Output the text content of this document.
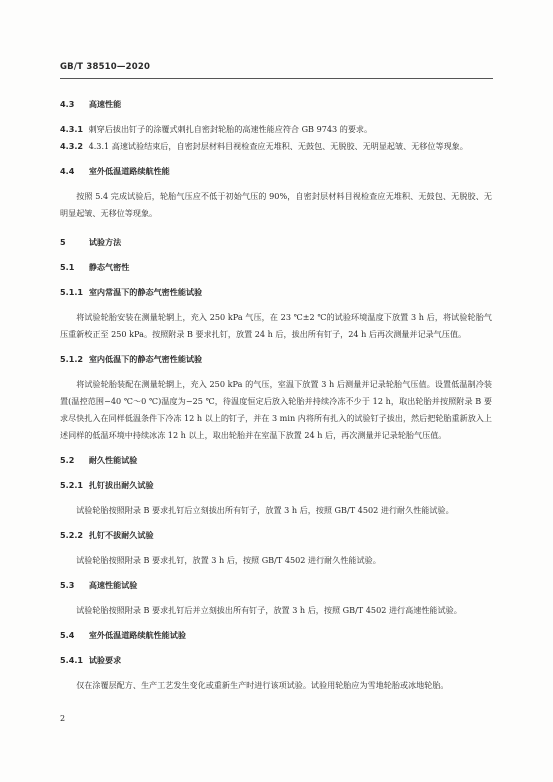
GB/T 38510—2020

4.3 高速性能

4.3.1 刺穿后拔出钉子的涂覆式刺扎自密封轮胎的高速性能应符合 GB 9743 的要求。

4.3.2 4.3.1 高速试验结束后，自密封层材料目视检查应无堆积、无鼓包、无脱胶、无明显起皱、无移位等现象。

4.4 室外低温道路续航性能

按照 5.4 完成试验后，轮胎气压应不低于初始气压的 90%，自密封层材料目视检查应无堆积、无鼓包、无脱胶、无明显起皱、无移位等现象。

5	试验方法

5.1 静态气密性

5.1.1 室内常温下的静态气密性能试验

将试验轮胎安装在测量轮辋上，充入 250 kPa 气压，在 23 ℃±2 ℃的试验环境温度下放置 3 h 后，将试验轮胎气压重新校正至 250 kPa。按照附录 B 要求扎钉，放置 24 h 后，拔出所有钉子，24 h 后再次测量并记录气压值。

5.1.2 室内低温下的静态气密性能试验

将试验轮胎装配在测量轮辋上，充入 250 kPa 的气压，室温下放置 3 h 后测量并记录轮胎气压值。设置低温制冷装置(温控范围−40 ℃～0 ℃)温度为−25 ℃，待温度恒定后放入轮胎并持续冷冻不少于 12 h，取出轮胎并按照附录 B 要求尽快扎入在同样低温条件下冷冻 12 h 以上的钉子，并在 3 min 内将所有扎入的试验钉子拔出，然后把轮胎重新放入上述同样的低温环境中持续冰冻 12 h 以上，取出轮胎并在室温下放置 24 h 后，再次测量并记录轮胎气压值。

5.2 耐久性能试验

5.2.1 扎钉拔出耐久试验

试验轮胎按照附录 B 要求扎钉后立刻拔出所有钉子，放置 3 h 后，按照 GB/T 4502 进行耐久性能试验。

5.2.2 扎钉不拔耐久试验

试验轮胎按照附录 B 要求扎钉，放置 3 h 后，按照 GB/T 4502 进行耐久性能试验。

5.3 高速性能试验

试验轮胎按照附录 B 要求扎钉后并立刻拔出所有钉子，放置 3 h 后，按照 GB/T 4502 进行高速性能试验。

5.4 室外低温道路续航性能试验

5.4.1 试验要求

仅在涂覆层配方、生产工艺发生变化或重新生产时进行该项试验。试验用轮胎应为雪地轮胎或冰地轮胎。

2
